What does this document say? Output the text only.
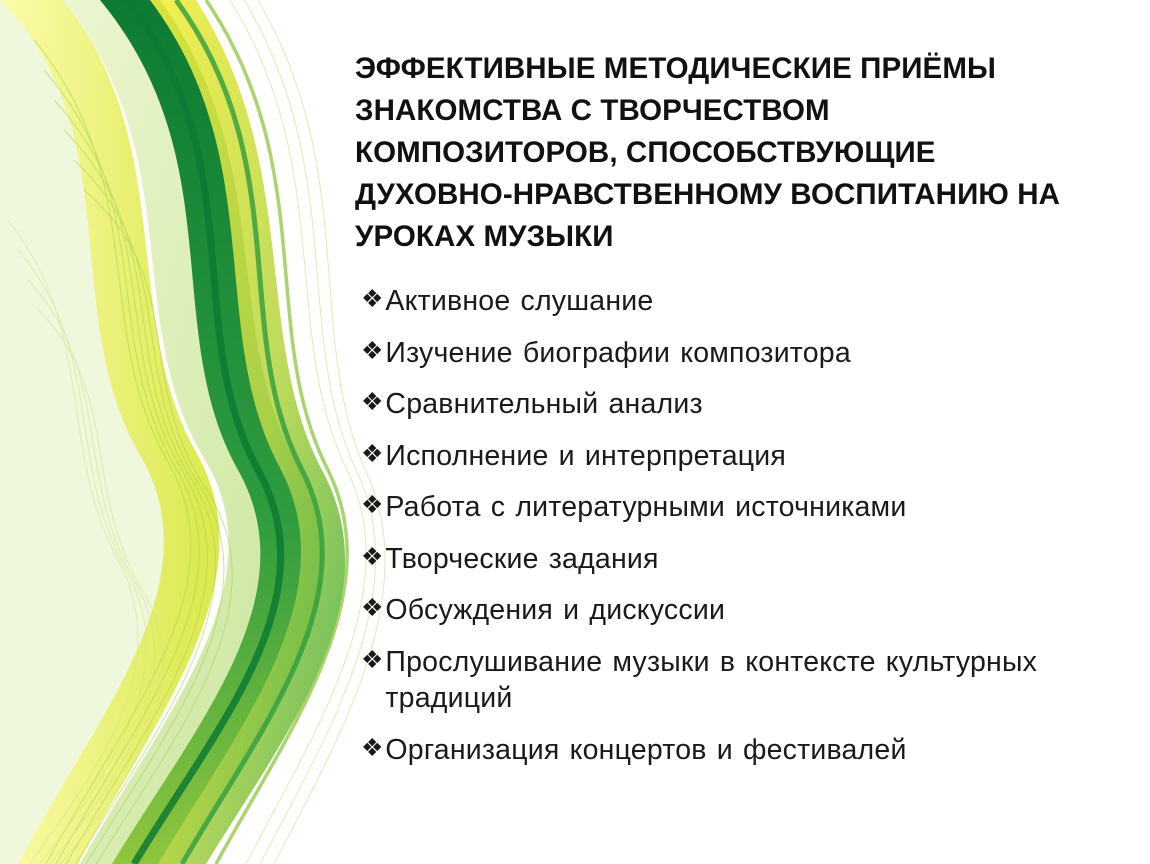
ЭФФЕКТИВНЫЕ МЕТОДИЧЕСКИЕ ПРИЁМЫ ЗНАКОМСТВА С ТВОРЧЕСТВОМ КОМПОЗИТОРОВ, СПОСОБСТВУЮЩИЕ ДУХОВНО-НРАВСТВЕННОМУ ВОСПИТАНИЮ НА УРОКАХ МУЗЫКИ
❖ Активное слушание
❖ Изучение биографии композитора
❖ Сравнительный анализ
❖ Исполнение и интерпретация
❖ Работа с литературными источниками
❖ Творческие задания
❖ Обсуждения и дискуссии
❖ Прослушивание музыки в контексте культурных традиций
❖ Организация концертов и фестивалей
